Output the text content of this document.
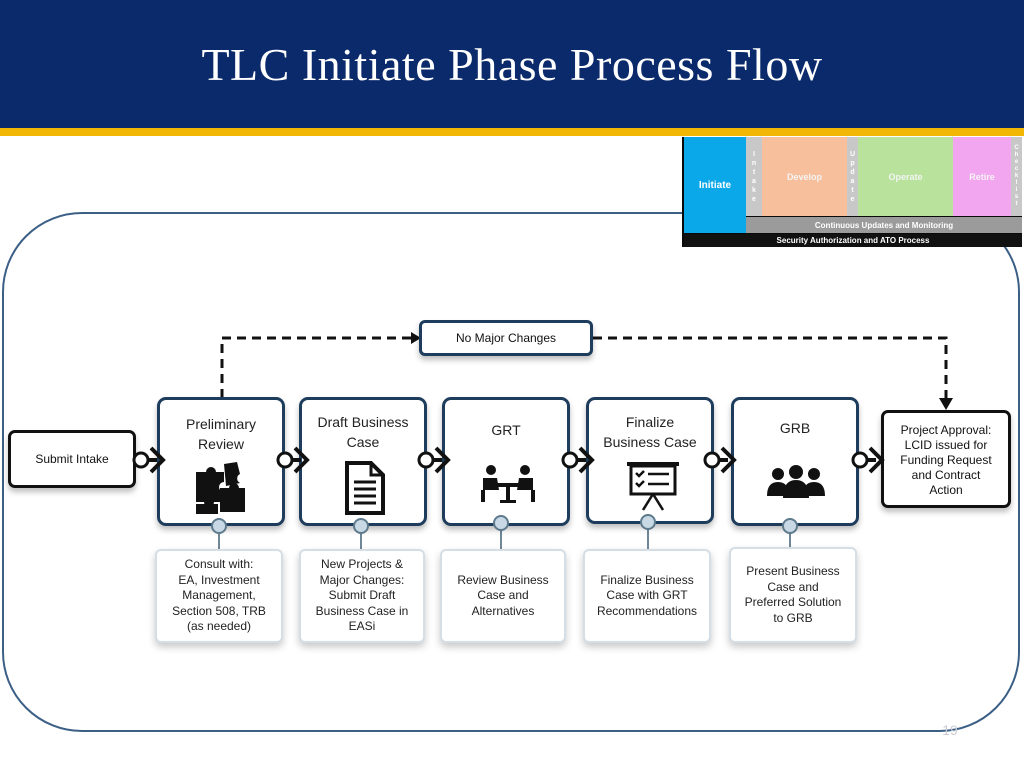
TLC Initiate Phase Process Flow
Initiate
I
n
t
a
k
e
Develop
U
p
d
a
t
e
Operate	Retire
C
h
e
c
k
l
i
s
t
Continuous Updates and Monitoring
Security Authorization and ATO Process
Submit Intake
No Major Changes
Project Approval:
LCID issued for
Funding Request
and Contract
Action
Preliminary
Review
Draft Business
Case
GRT	Finalize
Business Case
GRB
Consult with:
EA, Investment
Management,
Section 508, TRB
(as needed)
New Projects &
Major Changes:
Submit Draft
Business Case in
EASi
Review Business
Case and
Alternatives
Finalize Business
Case with GRT
Recommendations
Present Business
Case and
Preferred Solution
to GRB
19
